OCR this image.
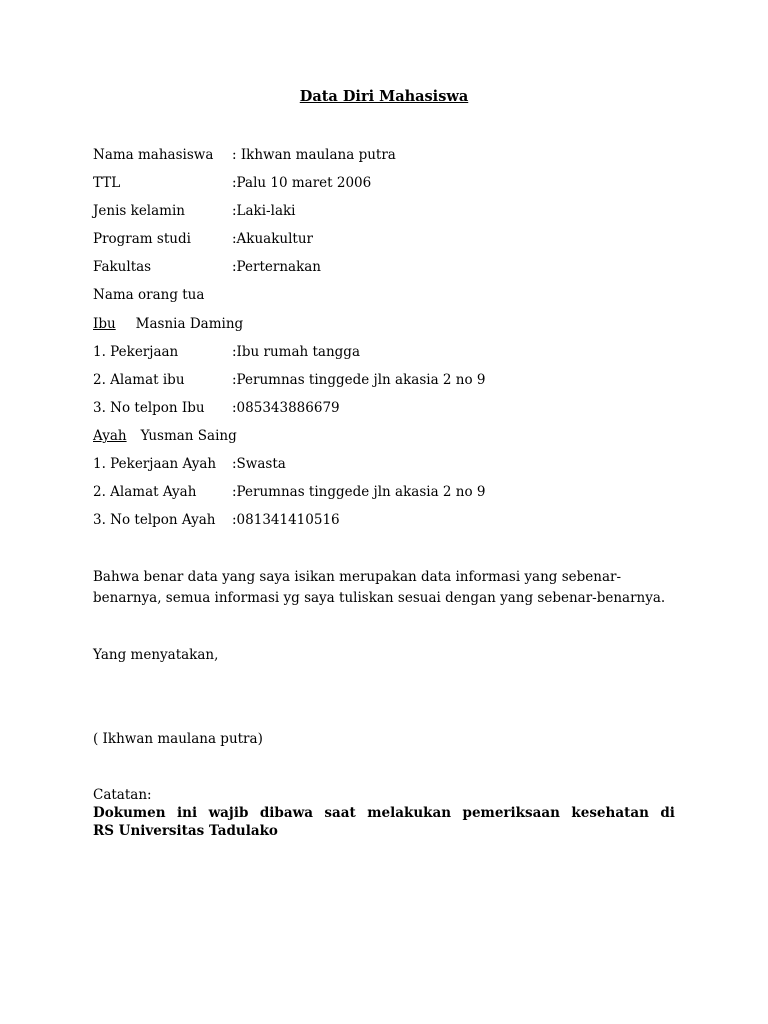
Data Diri Mahasiswa
Nama mahasiswa : Ikhwan maulana putra
TTL	:Palu 10 maret 2006
Jenis kelamin	:Laki-laki
Program studi	:Akuakultur
Fakultas	:Perternakan
Nama orang tua
Ibu Masnia Daming
1. Pekerjaan	:Ibu rumah tangga
2. Alamat ibu	:Perumnas tinggede jln akasia 2 no 9
3. No telpon Ibu :085343886679
Ayah Yusman Saing
1. Pekerjaan Ayah :Swasta
2. Alamat Ayah	:Perumnas tinggede jln akasia 2 no 9
3. No telpon Ayah :081341410516
Bahwa benar data yang saya isikan merupakan data informasi yang sebenar-benarnya, semua informasi yg saya tuliskan sesuai dengan yang sebenar-benarnya.
Yang menyatakan,
( Ikhwan maulana putra)
Catatan:
Dokumen ini wajib dibawa saat melakukan pemeriksaan kesehatan di
RS Universitas Tadulako
